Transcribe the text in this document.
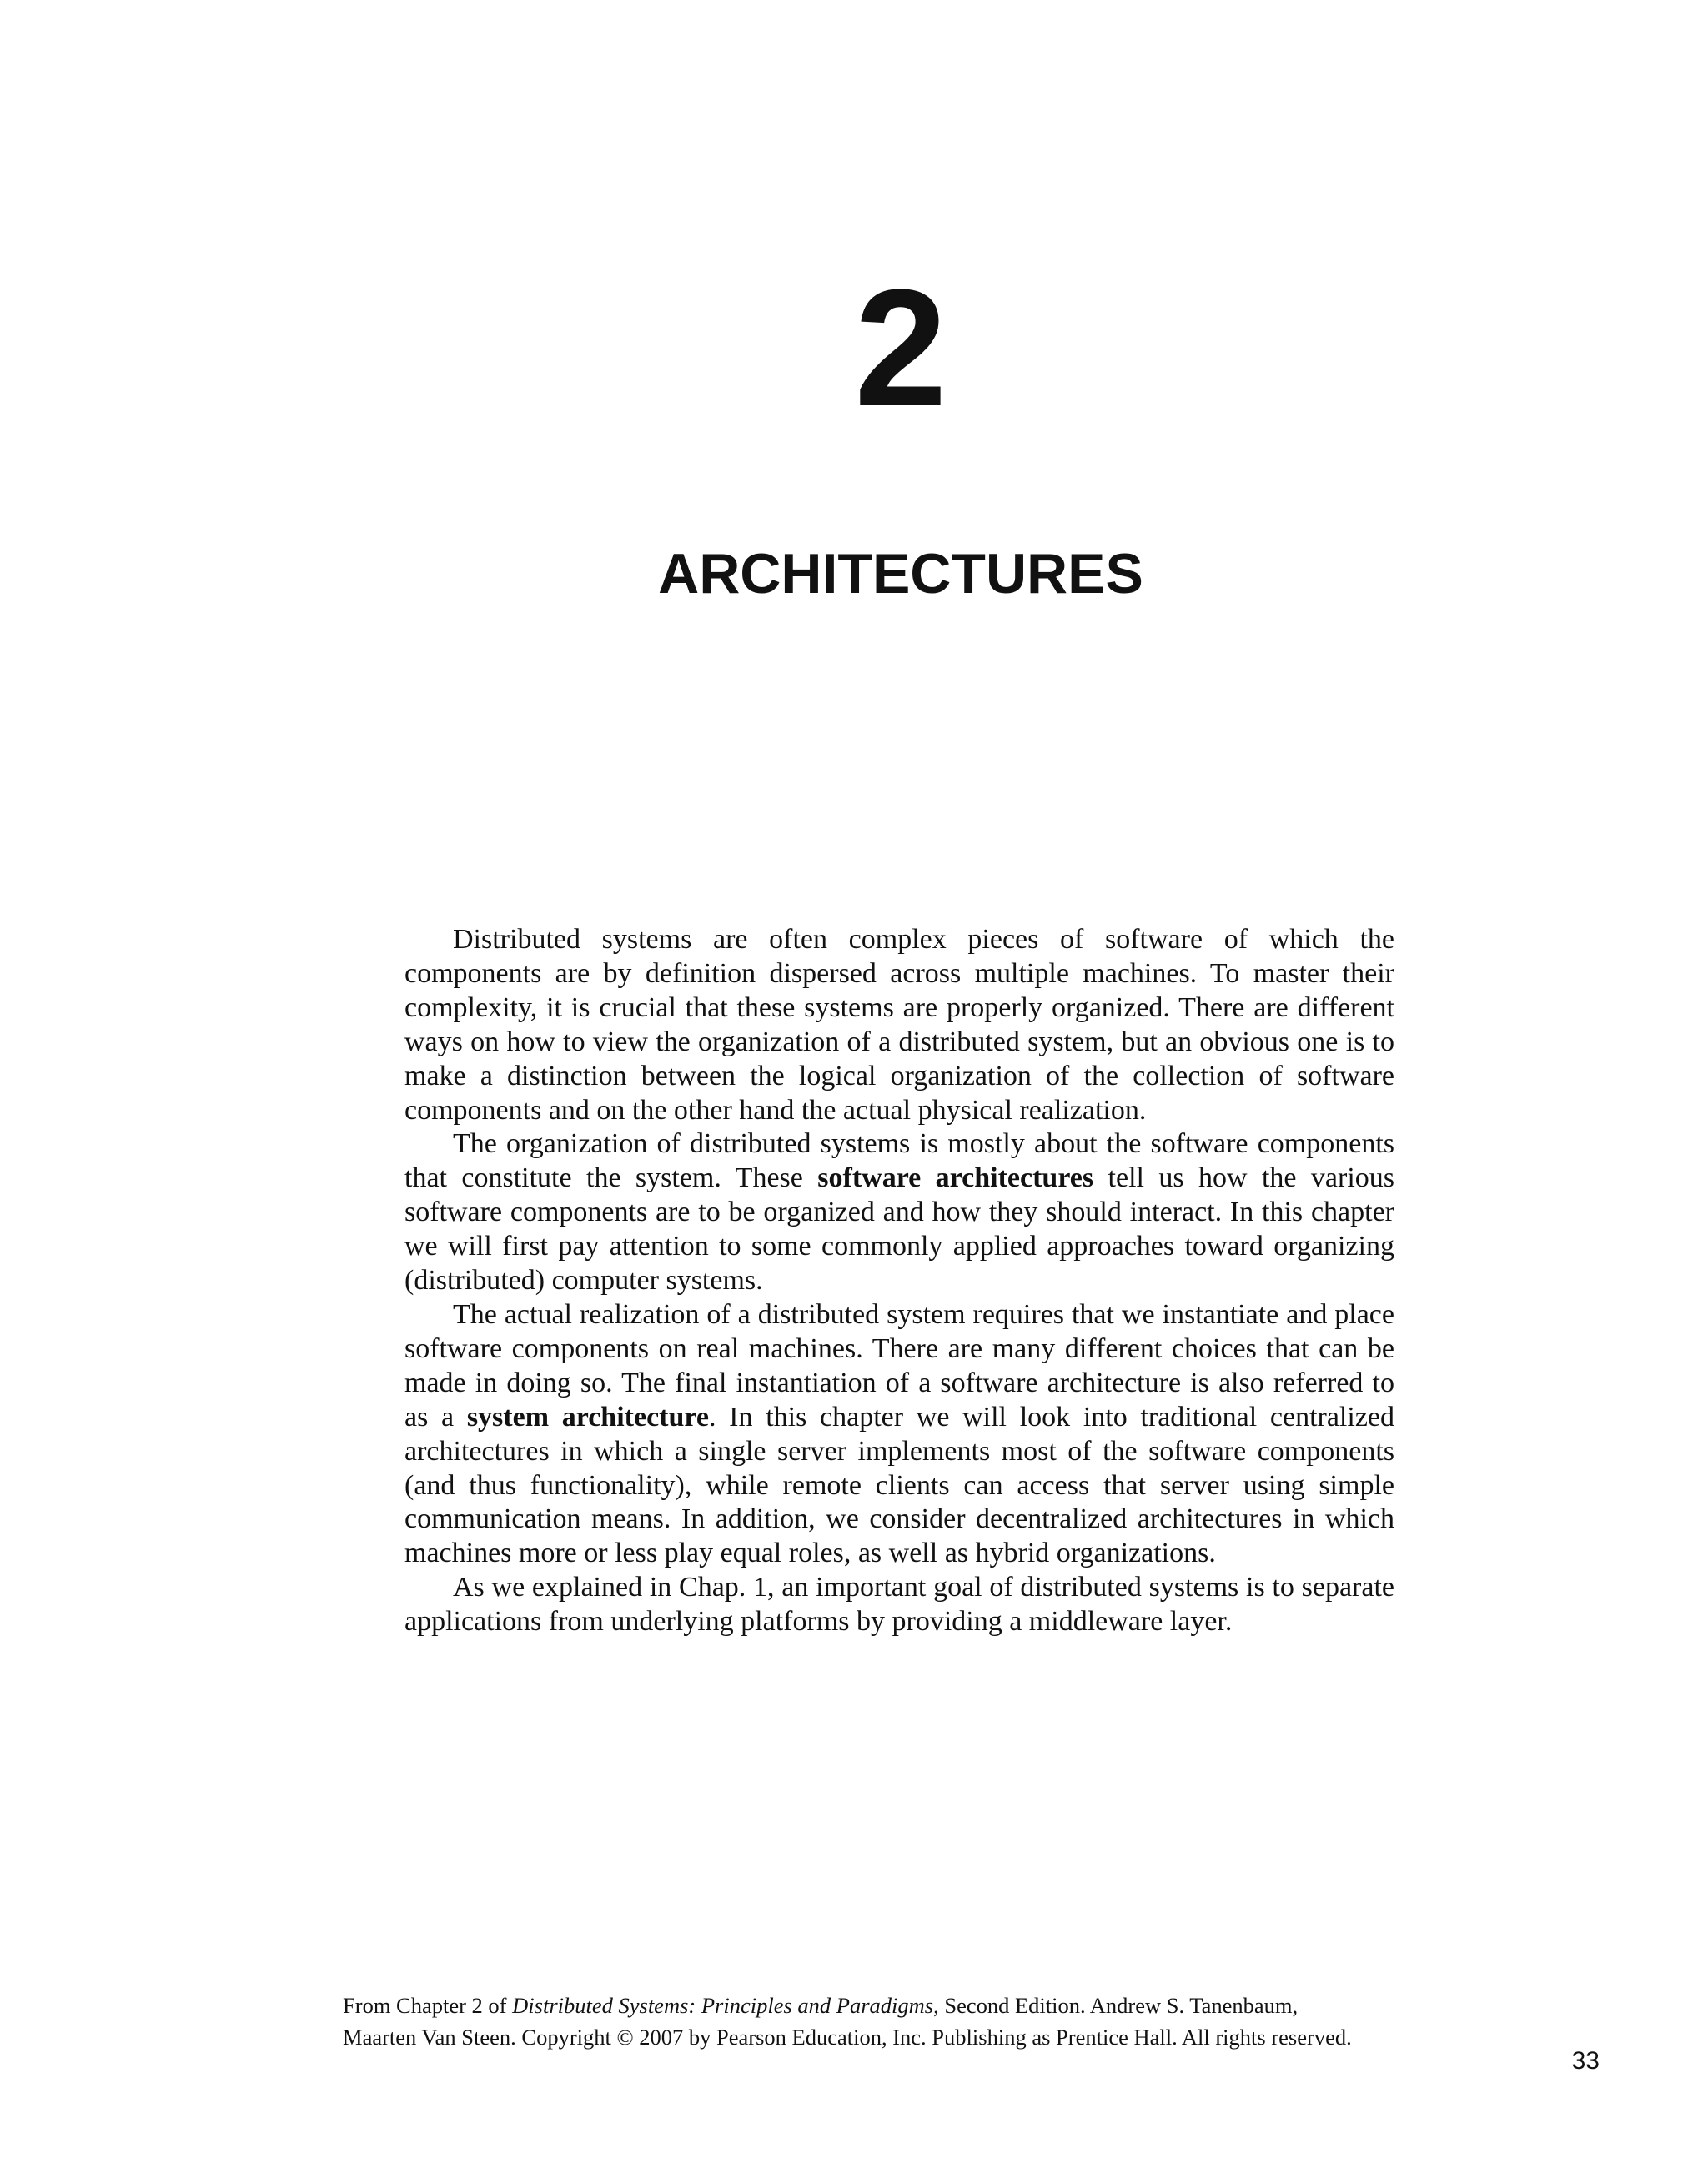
2
ARCHITECTURES

Distributed systems are often complex pieces of software of which the components are by definition dispersed across multiple machines. To master their complexity, it is crucial that these systems are properly organized. There are different ways on how to view the organization of a distributed system, but an obvious one is to make a distinction between the logical organization of the collection of software components and on the other hand the actual physical realization.

The organization of distributed systems is mostly about the software components that constitute the system. These software architectures tell us how the various software components are to be organized and how they should interact. In this chapter we will first pay attention to some commonly applied approaches toward organizing (distributed) computer systems.

The actual realization of a distributed system requires that we instantiate and place software components on real machines. There are many different choices that can be made in doing so. The final instantiation of a software architecture is also referred to as a system architecture. In this chapter we will look into traditional centralized architectures in which a single server implements most of the software components (and thus functionality), while remote clients can access that server using simple communication means. In addition, we consider decentralized architectures in which machines more or less play equal roles, as well as hybrid organizations.

As we explained in Chap. 1, an important goal of distributed systems is to separate applications from underlying platforms by providing a middleware layer.

From Chapter 2 of Distributed Systems: Principles and Paradigms, Second Edition. Andrew S. Tanenbaum,

Maarten Van Steen. Copyright © 2007 by Pearson Education, Inc. Publishing as Prentice Hall. All rights reserved.

33
